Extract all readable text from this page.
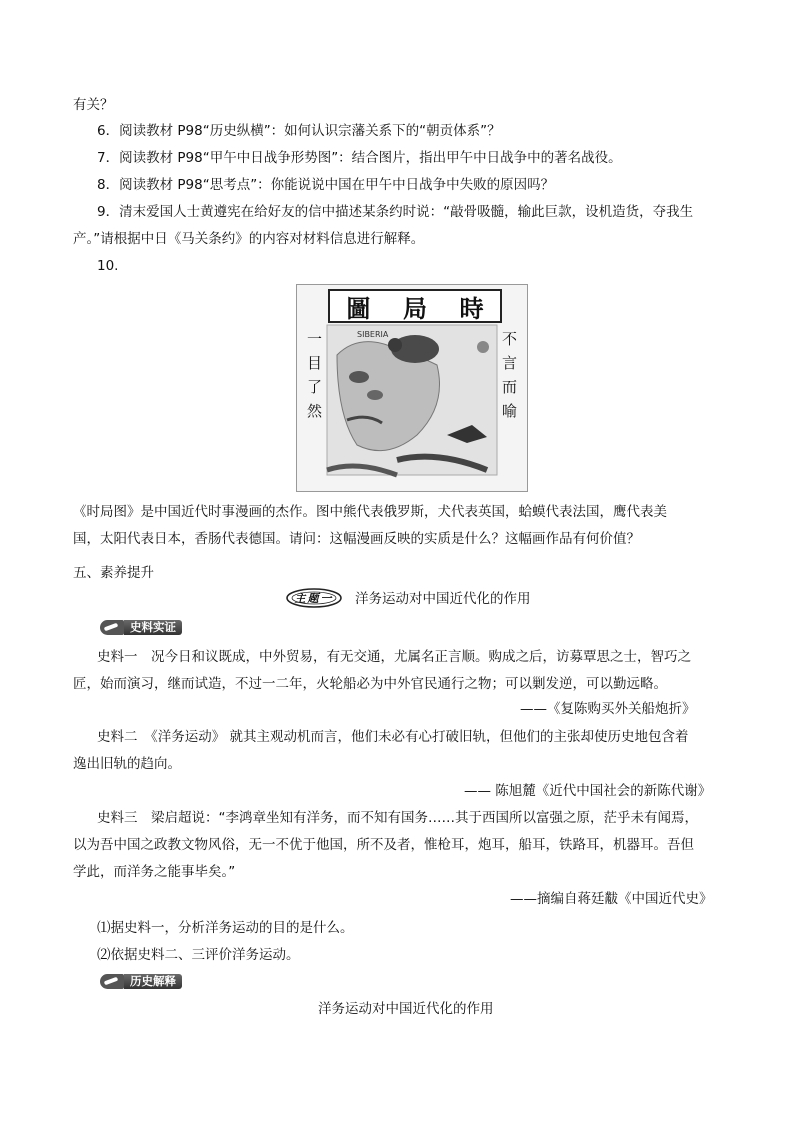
有关？
6．阅读教材 P98“历史纵横”：如何认识宗藩关系下的“朝贡体系”？
7．阅读教材 P98“甲午中日战争形势图”：结合图片，指出甲午中日战争中的著名战役。
8．阅读教材 P98“思考点”：你能说说中国在甲午中日战争中失败的原因吗？
9．清末爱国人士黄遵宪在给好友的信中描述某条约时说：“敲骨吸髓，输此巨款，设机造货，夺我生
产。”请根据中日《马关条约》的内容对材料信息进行解释。
10.
圖 局 時
一
目
了
然
不
言
而
喻
SIBERIA
《时局图》是中国近代时事漫画的杰作。图中熊代表俄罗斯，犬代表英国，蛤蟆代表法国，鹰代表美
国，太阳代表日本，香肠代表德国。请问：这幅漫画反映的实质是什么？这幅画作品有何价值？
五、素养提升
主题一	洋务运动对中国近代化的作用
史料实证
史料一　况今日和议既成，中外贸易，有无交通，尤属名正言顺。购成之后，访募覃思之士，智巧之
匠，始而演习，继而试造，不过一二年，火轮船必为中外官民通行之物；可以剿发逆，可以勤远略。
——《复陈购买外关船炮折》
史料二　《洋务运动》 就其主观动机而言，他们未必有心打破旧轨，但他们的主张却使历史地包含着
逸出旧轨的趋向。
—— 陈旭麓《近代中国社会的新陈代谢》
史料三　梁启超说：“李鸿章坐知有洋务，而不知有国务……其于西国所以富强之原，茫乎未有闻焉，
以为吾中国之政教文物风俗，无一不优于他国，所不及者，惟枪耳，炮耳，船耳，铁路耳，机器耳。吾但
学此，而洋务之能事毕矣。”
——摘编自蒋廷黻《中国近代史》
⑴据史料一，分析洋务运动的目的是什么。
⑵依据史料二、三评价洋务运动。
历史解释
洋务运动对中国近代化的作用
